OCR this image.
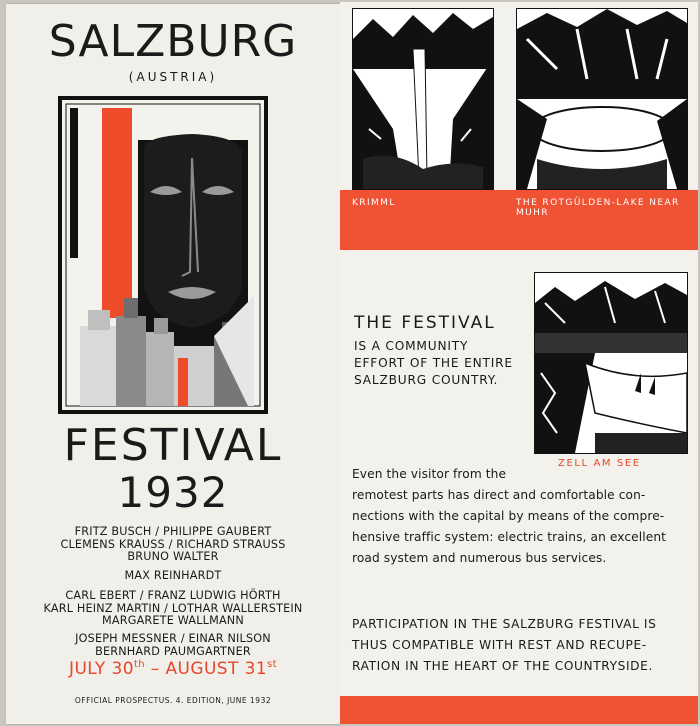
SALZBURG
(AUSTRIA)
FESTIVAL
1932
FRITZ BUSCH / PHILIPPE GAUBERT
CLEMENS KRAUSS / RICHARD STRAUSS
BRUNO WALTER
MAX REINHARDT
CARL EBERT / FRANZ LUDWIG HÖRTH
KARL HEINZ MARTIN / LOTHAR WALLERSTEIN
MARGARETE WALLMANN
JOSEPH MESSNER / EINAR NILSON
BERNHARD PAUMGARTNER
JULY 30th – AUGUST 31st
OFFICIAL PROSPECTUS. 4. EDITION, JUNE 1932
KRIMML	THE ROTGÜLDEN-LAKE NEAR MUHR
THE FESTIVAL
IS A COMMUNITY
EFFORT OF THE ENTIRE
SALZBURG COUNTRY.
ZELL AM SEE
Even the visitor from the
remotest parts has direct and comfortable con-
nections with the capital by means of the compre-
hensive traffic system: electric trains, an excellent
road system and numerous bus services.
PARTICIPATION IN THE SALZBURG FESTIVAL IS
THUS COMPATIBLE WITH REST AND RECUPE-
RATION IN THE HEART OF THE COUNTRYSIDE.
